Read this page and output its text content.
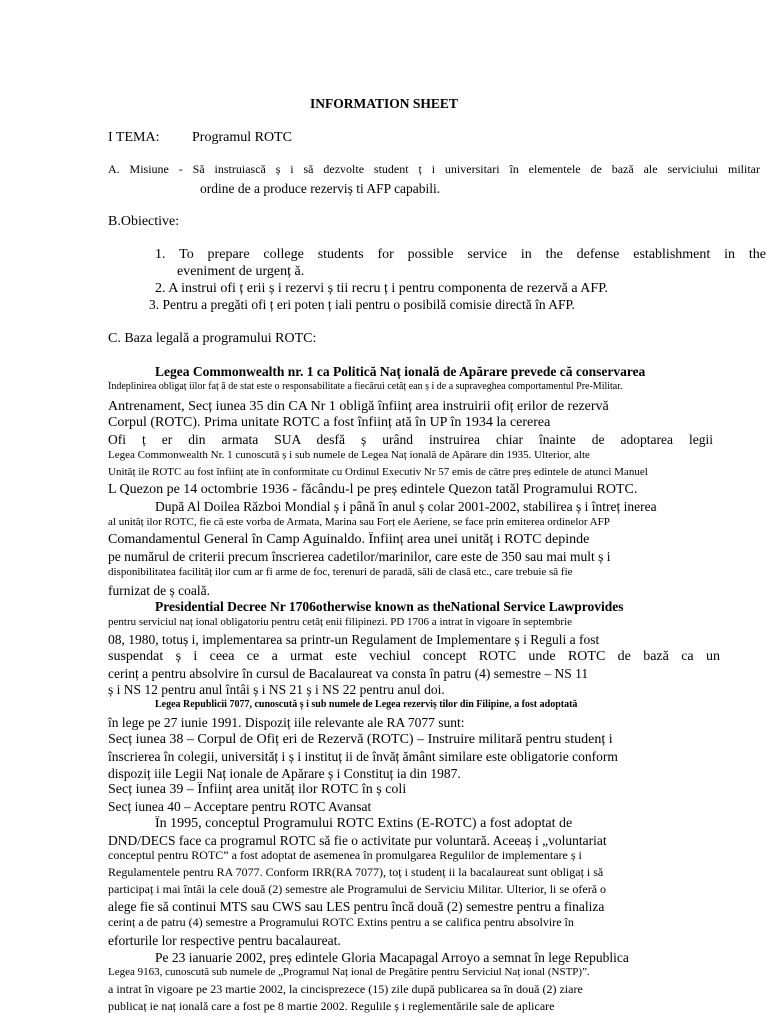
INFORMATION SHEET
I TEMA: Programul ROTC
A. Misiune - Să instruiască ș i să dezvolte student ț i universitari în elementele de bază ale serviciului militar
ordine de a produce rezerviș ti AFP capabili.
B.Obiective:
1. To prepare college students for possible service in the defense establishment in the
eveniment de urgenț ă.
2. A instrui ofi ț erii ș i rezervi ș tii recru ț i pentru componenta de rezervă a AFP.
3. Pentru a pregăti ofi ț eri poten ț iali pentru o posibilă comisie directă în AFP.
C. Baza legală a programului ROTC:
Legea Commonwealth nr. 1 ca Politică Naț ională de Apărare prevede că conservarea
Îndeplinirea obligaț iilor faț ă de stat este o responsabilitate a fiecărui cetăț ean ș i de a supraveghea comportamentul Pre-Militar.
Antrenament, Secț iunea 35 din CA Nr 1 obligă înființ area instruirii ofiț erilor de rezervă
Corpul (ROTC). Prima unitate ROTC a fost înființ ată în UP în 1934 la cererea
Ofi ț er din armata SUA desfă ș urând instruirea chiar înainte de adoptarea legii
Legea Commonwealth Nr. 1 cunoscută ș i sub numele de Legea Naț ională de Apărare din 1935. Ulterior, alte
Unităț ile ROTC au fost înființ ate în conformitate cu Ordinul Executiv Nr 57 emis de către preș edintele de atunci Manuel
L Quezon pe 14 octombrie 1936 - făcându-l pe preș edintele Quezon tatăl Programului ROTC.
După Al Doilea Război Mondial ș i până în anul ș colar 2001-2002, stabilirea ș i întreț inerea
al unităț ilor ROTC, fie că este vorba de Armata, Marina sau Forț ele Aeriene, se face prin emiterea ordinelor AFP
Comandamentul General în Camp Aguinaldo. Înființ area unei unităț i ROTC depinde
pe numărul de criterii precum înscrierea cadetilor/marinilor, care este de 350 sau mai mult ș i
disponibilitatea facilităț ilor cum ar fi arme de foc, terenuri de paradă, săli de clasă etc., care trebuie să fie
furnizat de ș coală.
Presidential Decree Nr 1706otherwise known as theNational Service Lawprovides
pentru serviciul naț ional obligatoriu pentru cetăț enii filipinezi. PD 1706 a intrat în vigoare în septembrie
08, 1980, totuș i, implementarea sa printr-un Regulament de Implementare ș i Reguli a fost
suspendat ș i ceea ce a urmat este vechiul concept ROTC unde ROTC de bază ca un
cerinț a pentru absolvire în cursul de Bacalaureat va consta în patru (4) semestre – NS 11
ș i NS 12 pentru anul întâi ș i NS 21 ș i NS 22 pentru anul doi.
Legea Republicii 7077, cunoscută ș i sub numele de Legea rezerviș tilor din Filipine, a fost adoptată
în lege pe 27 iunie 1991. Dispoziț iile relevante ale RA 7077 sunt:
Secț iunea 38 – Corpul de Ofiț eri de Rezervă (ROTC) – Instruire militară pentru studenț i
înscrierea în colegii, universităț i ș i instituț ii de învăț ământ similare este obligatorie conform
dispoziț iile Legii Naț ionale de Apărare ș i Constituț ia din 1987.
Secț iunea 39 – Înființ area unităț ilor ROTC în ș coli
Secț iunea 40 – Acceptare pentru ROTC Avansat
În 1995, conceptul Programului ROTC Extins (E-ROTC) a fost adoptat de
DND/DECS face ca programul ROTC să fie o activitate pur voluntară. Aceeaș i „voluntariat
conceptul pentru ROTC” a fost adoptat de asemenea în promulgarea Regulilor de implementare ș i
Regulamentele pentru RA 7077. Conform IRR(RA 7077), toț i studenț ii la bacalaureat sunt obligaț i să
participaț i mai întâi la cele două (2) semestre ale Programului de Serviciu Militar. Ulterior, li se oferă o
alege fie să continui MTS sau CWS sau LES pentru încă două (2) semestre pentru a finaliza
cerinț a de patru (4) semestre a Programului ROTC Extins pentru a se califica pentru absolvire în
eforturile lor respective pentru bacalaureat.
Pe 23 ianuarie 2002, preș edintele Gloria Macapagal Arroyo a semnat în lege Republica
Legea 9163, cunoscută sub numele de „Programul Naț ional de Pregătire pentru Serviciul Naț ional (NSTP)”.
a intrat în vigoare pe 23 martie 2002, la cincisprezece (15) zile după publicarea sa în două (2) ziare
publicaț ie naț ională care a fost pe 8 martie 2002. Regulile ș i reglementările sale de aplicare
